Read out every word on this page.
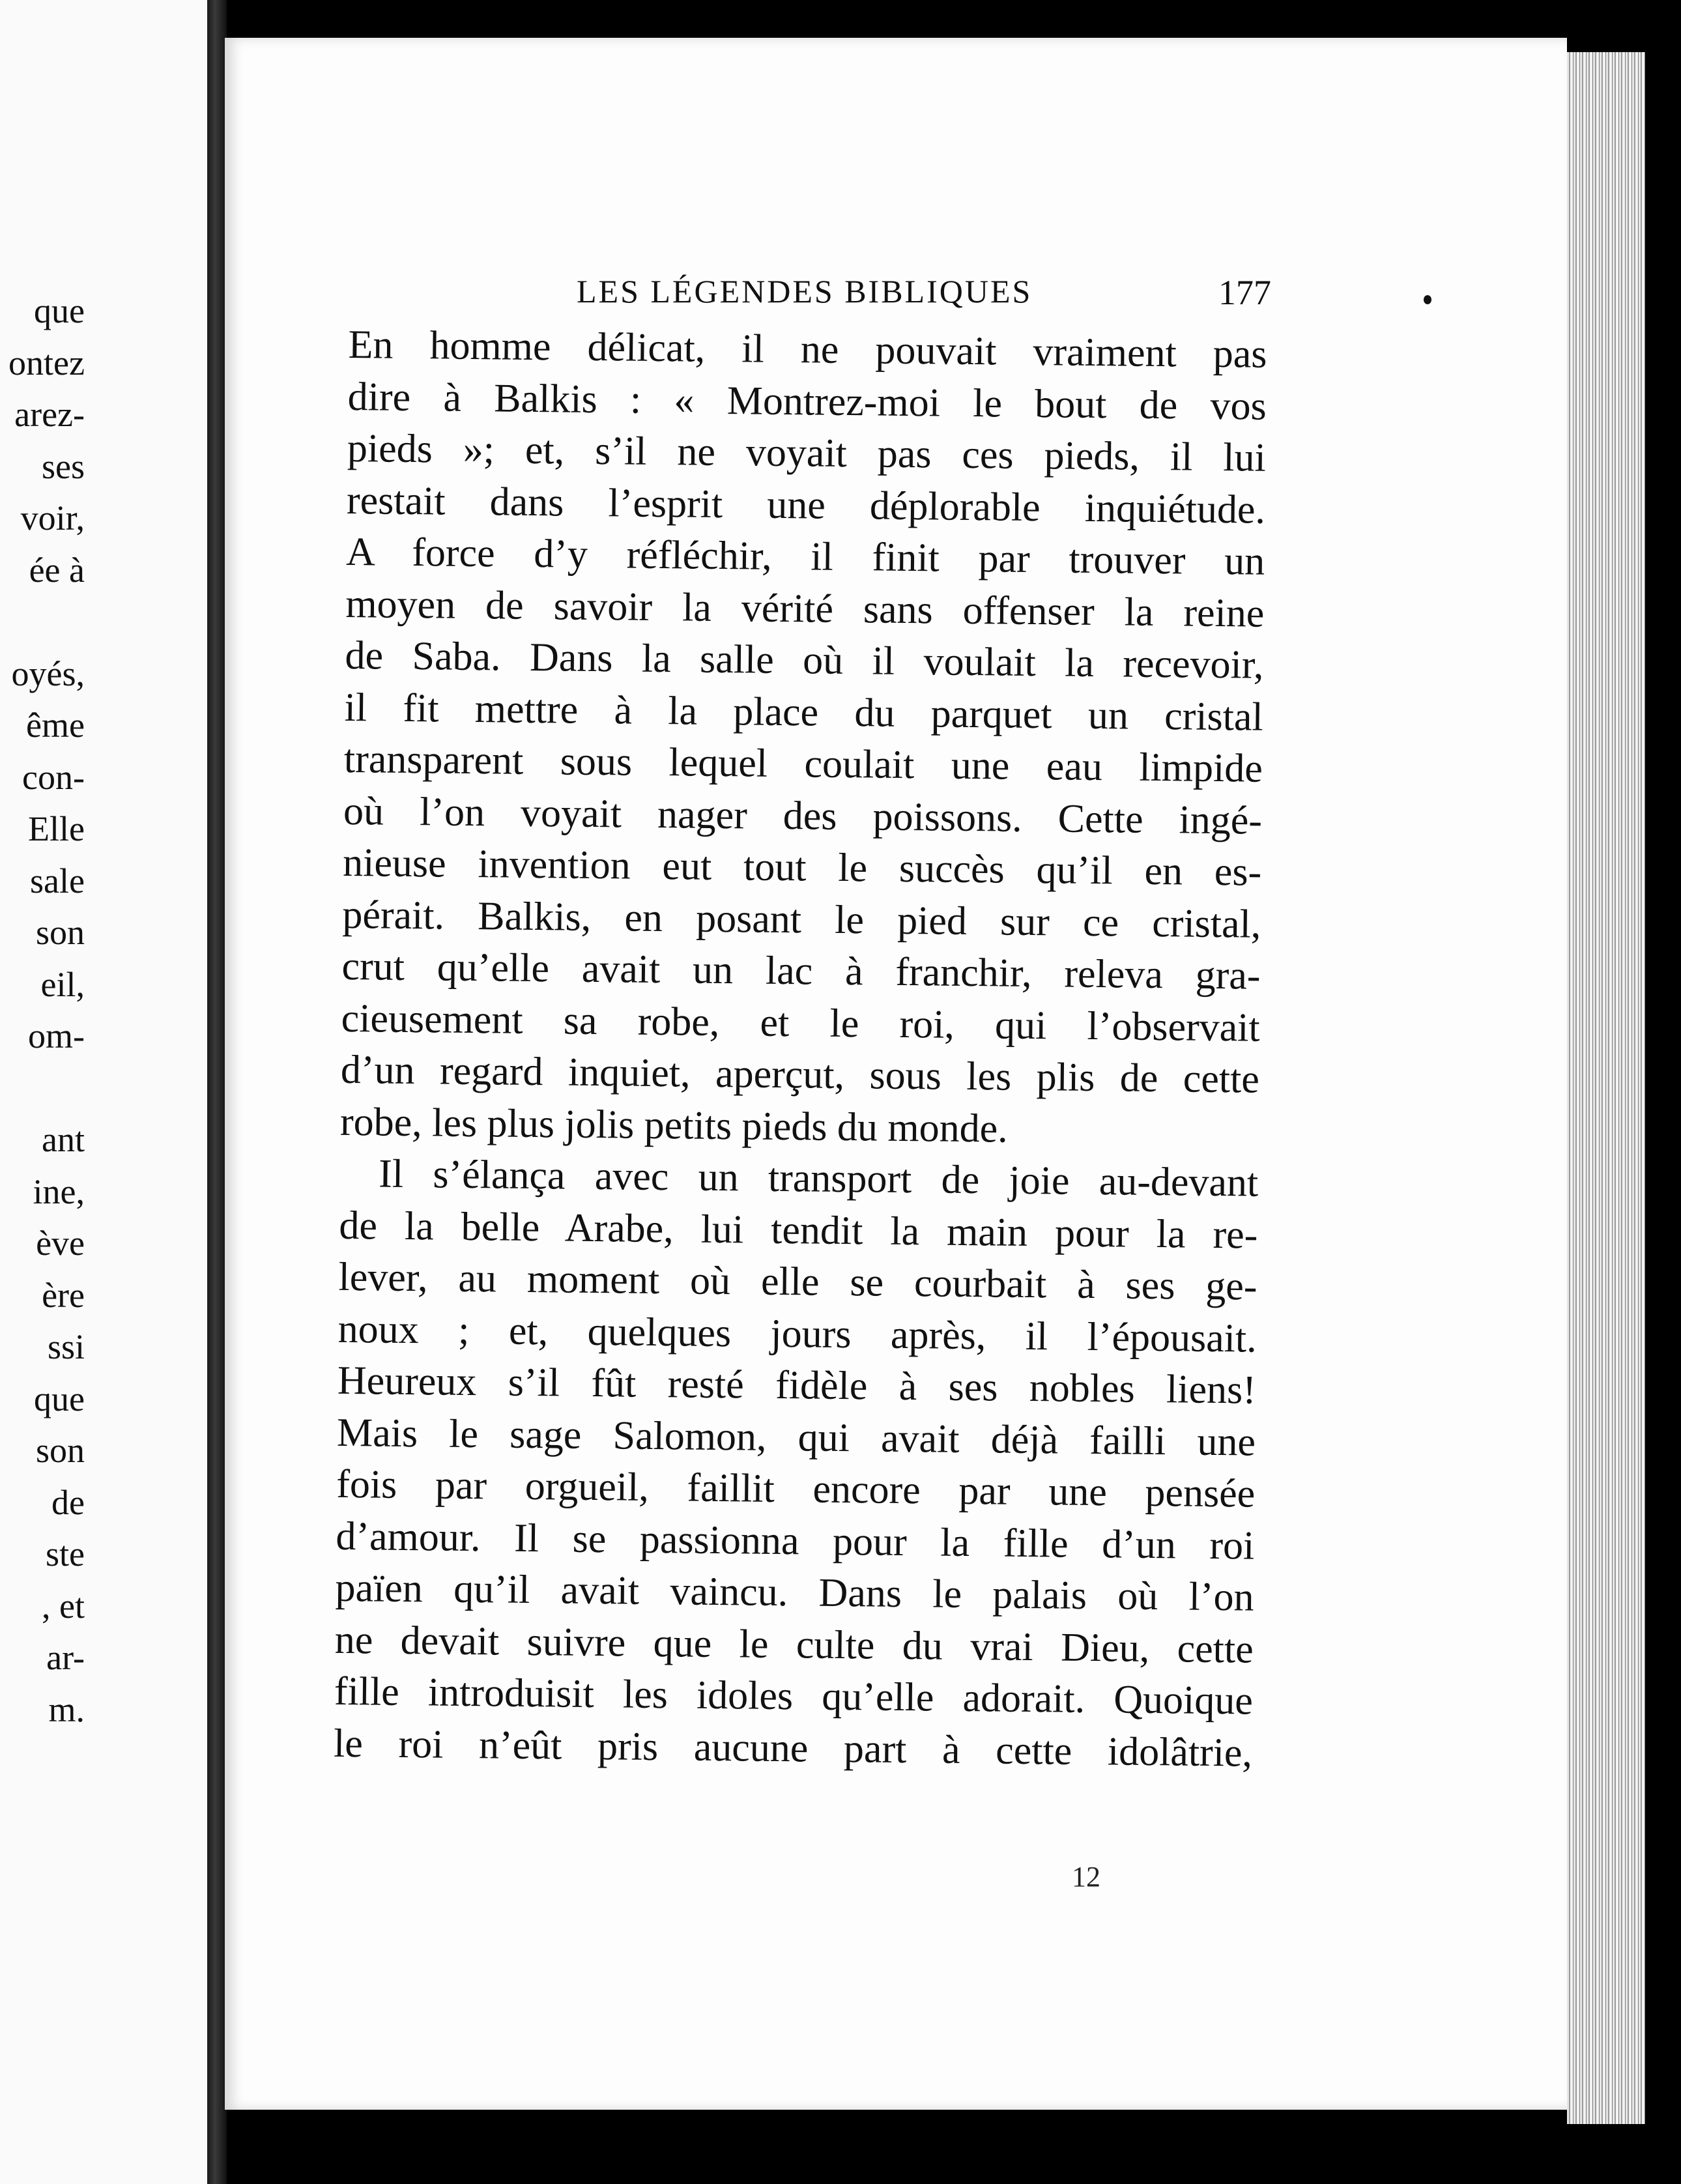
que
ontez
arez-
ses
voir,
ée à
oyés,
ême
con-
Elle
sale
son
eil,
om-
ant
ine,
ève
ère
ssi
que
son
de
ste
, et
ar-
m.
LES LÉGENDES BIBLIQUES	177
En homme délicat, il ne pouvait vraiment pas
dire à Balkis : « Montrez-moi le bout de vos
pieds »; et, s’il ne voyait pas ces pieds, il lui
restait dans l’esprit une déplorable inquiétude.
A force d’y réfléchir, il finit par trouver un
moyen de savoir la vérité sans offenser la reine
de Saba. Dans la salle où il voulait la recevoir,
il fit mettre à la place du parquet un cristal
transparent sous lequel coulait une eau limpide
où l’on voyait nager des poissons. Cette ingé-
nieuse invention eut tout le succès qu’il en es-
pérait. Balkis, en posant le pied sur ce cristal,
crut qu’elle avait un lac à franchir, releva gra-
cieusement sa robe, et le roi, qui l’observait
d’un regard inquiet, aperçut, sous les plis de cette
robe, les plus jolis petits pieds du monde.
Il s’élança avec un transport de joie au-devant
de la belle Arabe, lui tendit la main pour la re-
lever, au moment où elle se courbait à ses ge-
noux ; et, quelques jours après, il l’épousait.
Heureux s’il fût resté fidèle à ses nobles liens!
Mais le sage Salomon, qui avait déjà failli une
fois par orgueil, faillit encore par une pensée
d’amour. Il se passionna pour la fille d’un roi
païen qu’il avait vaincu. Dans le palais où l’on
ne devait suivre que le culte du vrai Dieu, cette
fille introduisit les idoles qu’elle adorait. Quoique
le roi n’eût pris aucune part à cette idolâtrie,
12
